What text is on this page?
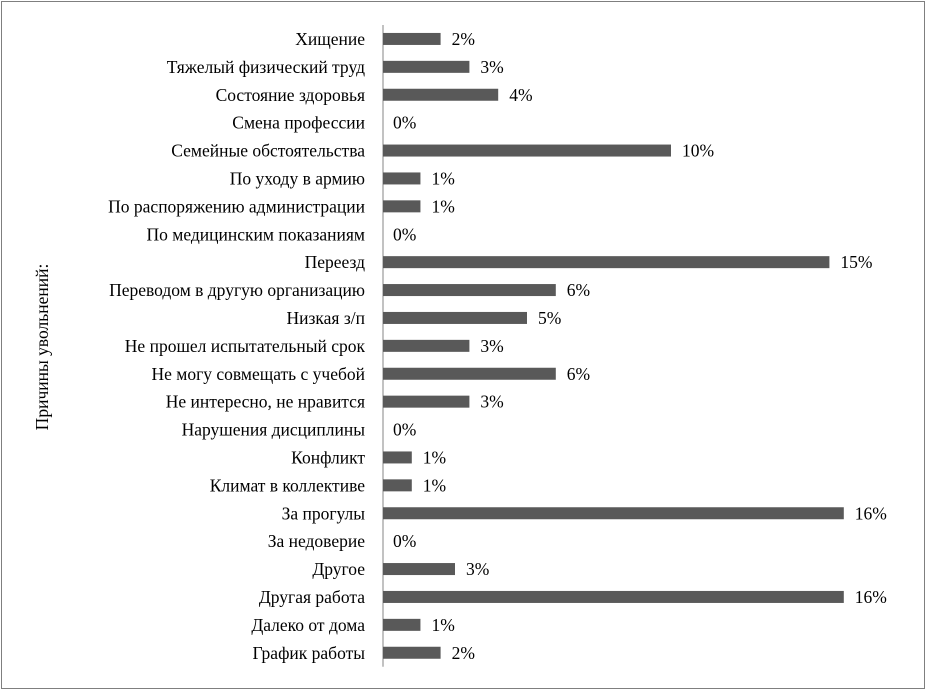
Хищение
Тяжелый физический труд
Состояние здоровья
Смена профессии
Семейные обстоятельства
По уходу в армию
По распоряжению администрации
По медицинским показаниям
Переезд
Переводом в другую организацию
Низкая з/п
Не прошел испытательный срок
Не могу совмещать с учебой
Не интересно, не нравится
Нарушения дисциплины
Конфликт
Климат в коллективе
За прогулы
За недоверие
Другое
Другая работа
Далеко от дома
График работы
2%
3%
4%
0%
10%
1%
1%
0%
15%
6%
5%
3%
6%
3%
0%
1%
1%
16%
0%
3%
16%
1%
2%
Причины увольнений:
